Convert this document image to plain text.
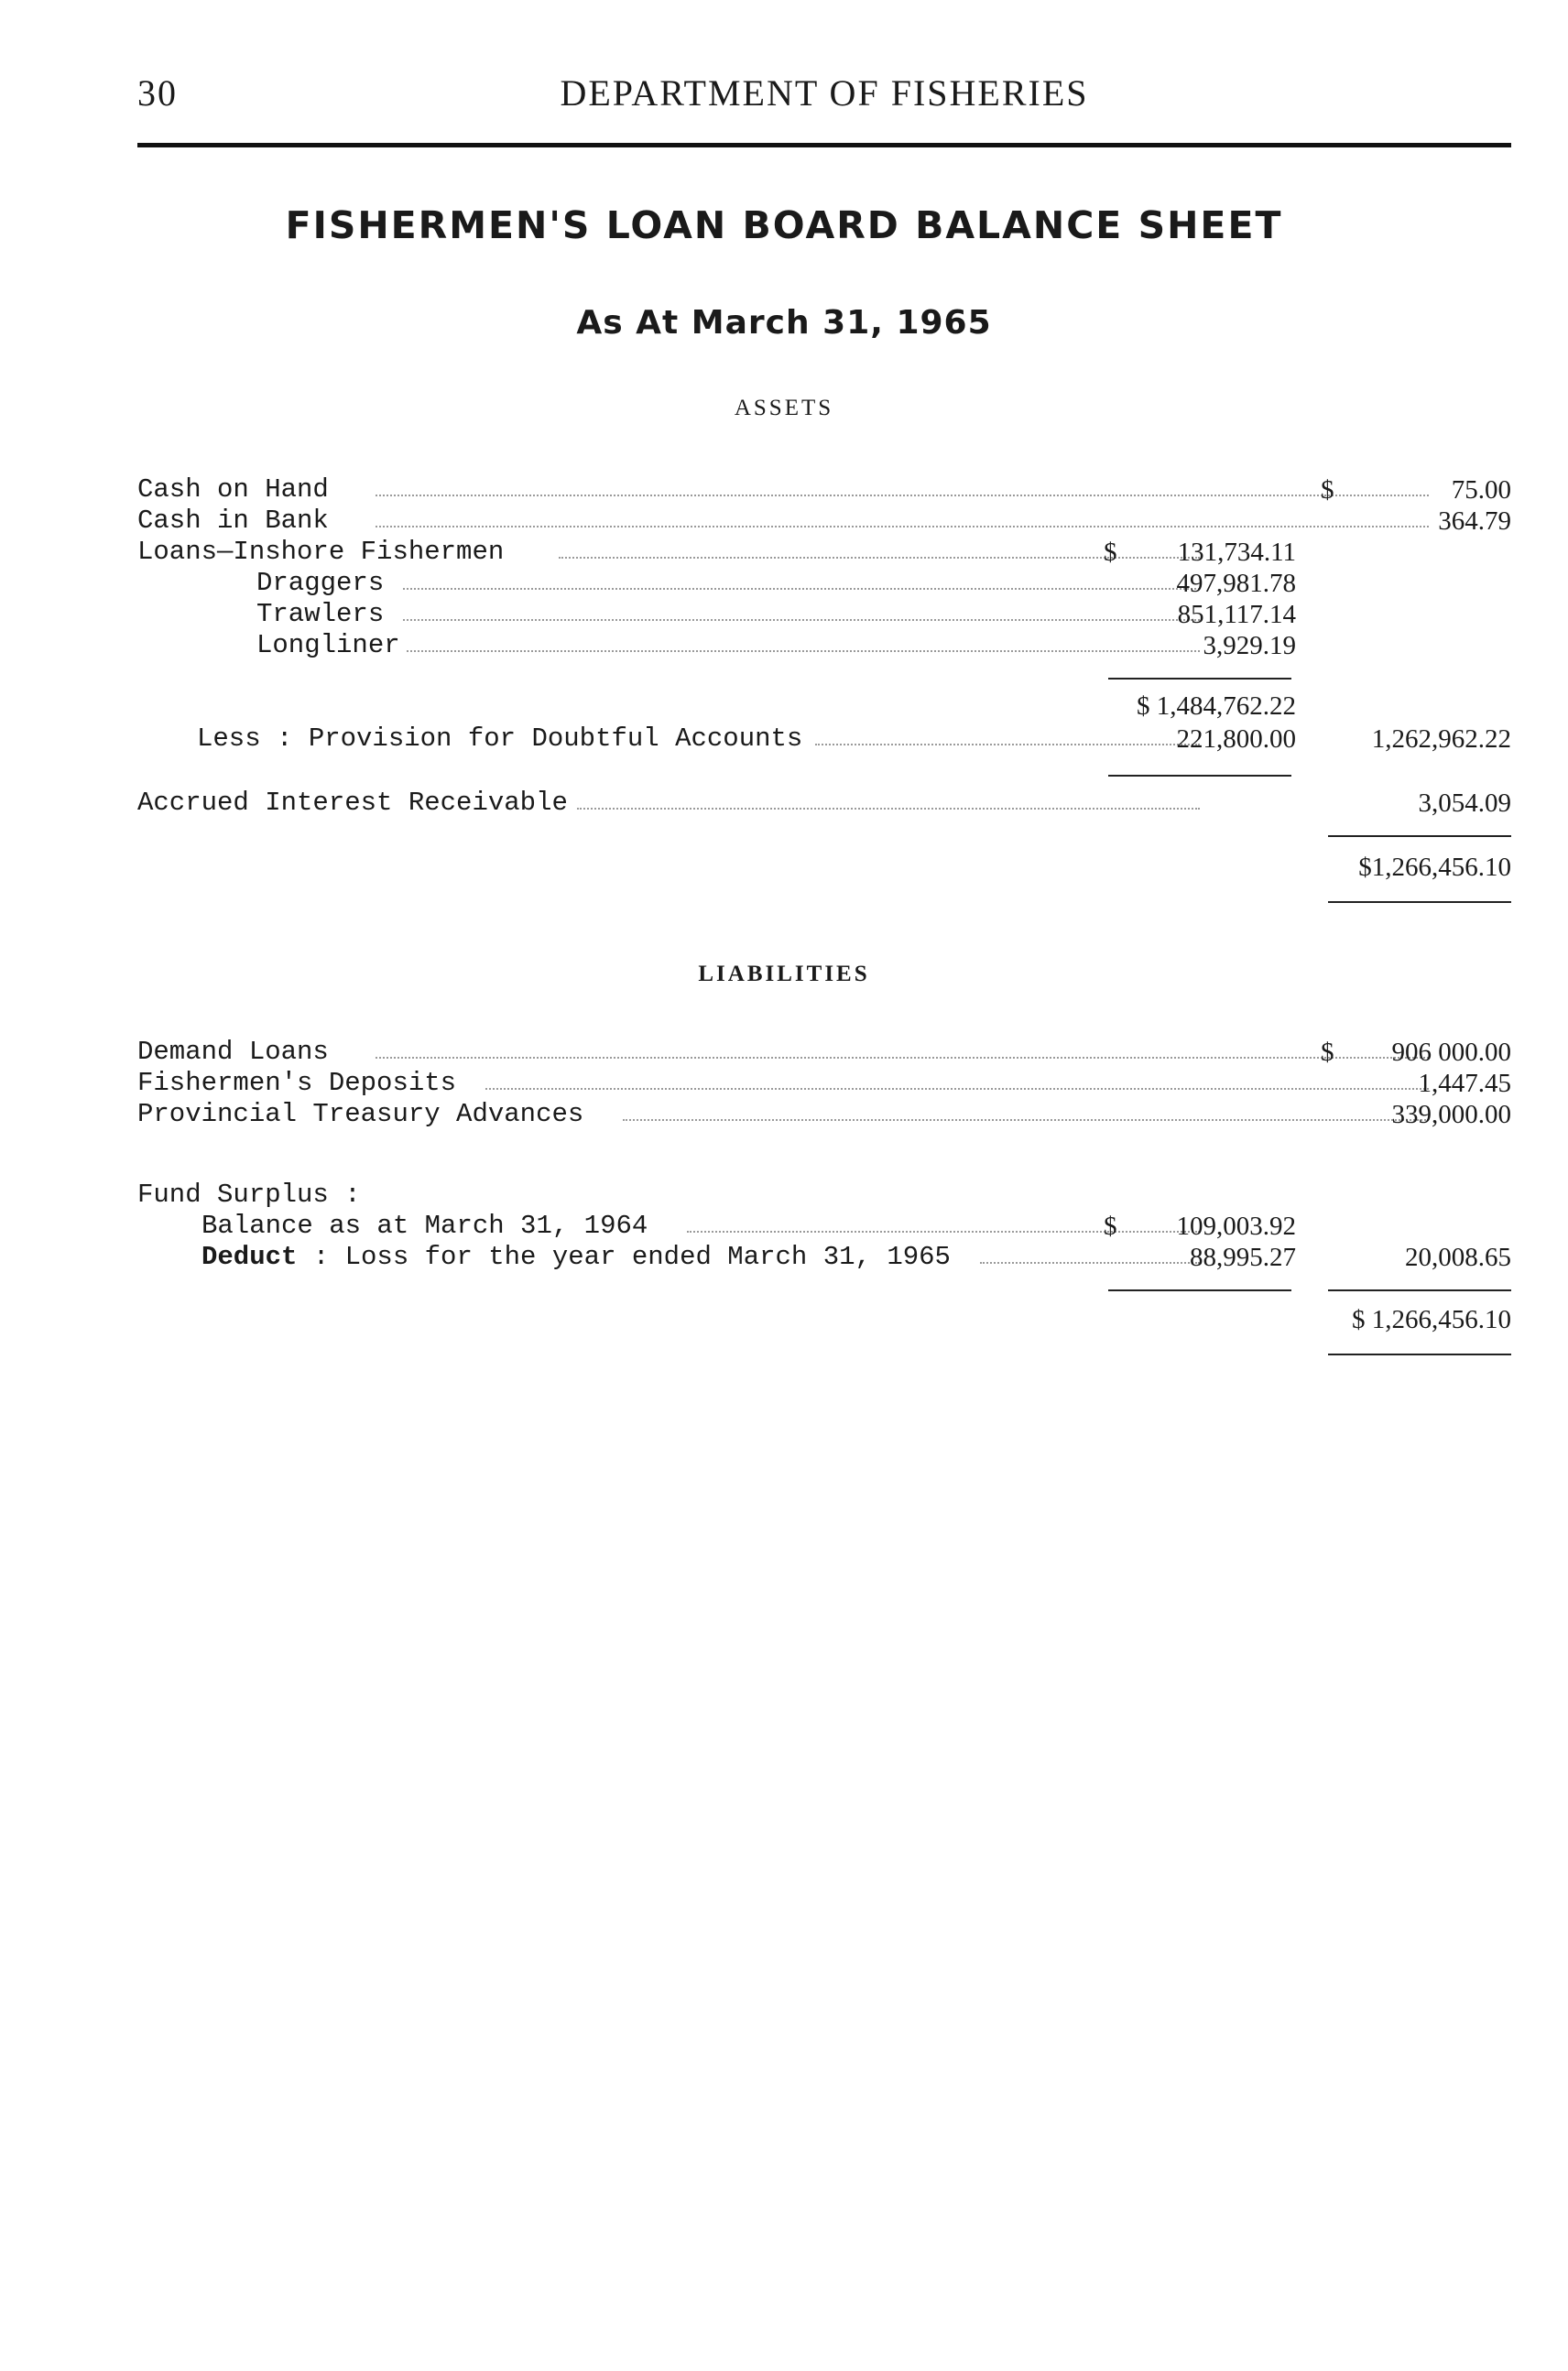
30	DEPARTMENT OF FISHERIES
FISHERMEN'S LOAN BOARD BALANCE SHEET
As At March 31, 1965
ASSETS
Cash on Hand	$	75.00
Cash in Bank	364.79
Loans—Inshore Fishermen	$	131,734.11
Draggers	497,981.78
Trawlers	851,117.14
Longliner	3,929.19
$ 1,484,762.22
Less : Provision for Doubtful Accounts	221,800.00	1,262,962.22
Accrued Interest Receivable	3,054.09
$1,266,456.10
LIABILITIES
Demand Loans	$	906 000.00
Fishermen's Deposits	1,447.45
Provincial Treasury Advances	339,000.00
Fund Surplus :
Balance as at March 31, 1964	$	109,003.92
Deduct : Loss for the year ended March 31, 1965	88,995.27	20,008.65
$ 1,266,456.10
